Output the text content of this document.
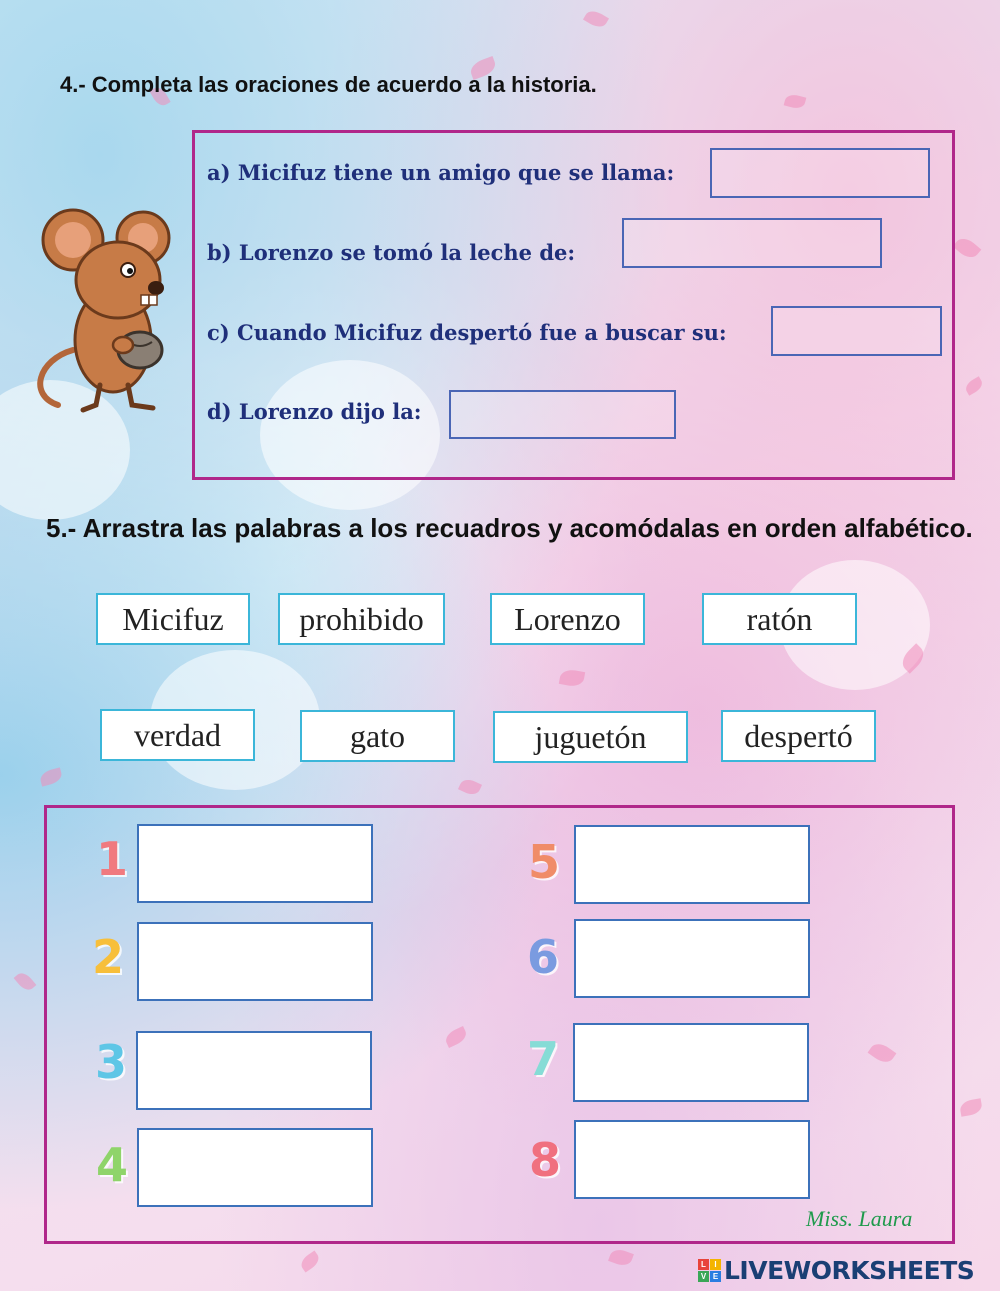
4.- Completa las oraciones de acuerdo a la historia.
a) Micifuz tiene un amigo que se llama:
b) Lorenzo se tomó la leche de:
c) Cuando Micifuz despertó fue a buscar su:
d) Lorenzo dijo la:
5.- Arrastra las palabras a los recuadros y acomódalas en orden alfabético.
Micifuz	prohibido	Lorenzo	ratón
verdad	gato	juguetón	despertó
1
2
3
4
5
6
7
8
Miss. Laura
L	I
V E LIVEWORKSHEETS
